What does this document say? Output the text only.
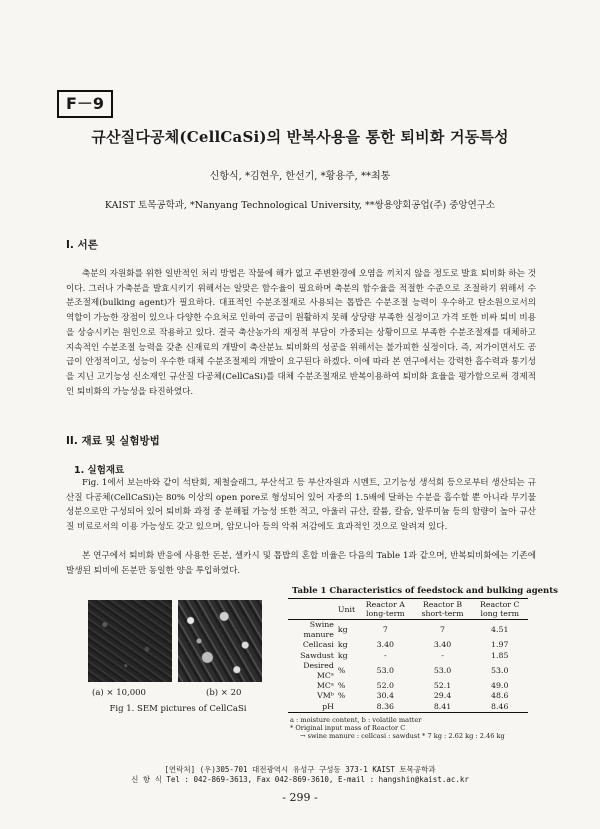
F－9
규산질다공체(CellCaSi)의 반복사용을 통한 퇴비화 거동특성
신항식, *김현우, 한선기, *황용주, **최통
KAIST 토목공학과, *Nanyang Technological University, **쌍용양회공업(주) 중앙연구소
I. 서론
축분의 자원화를 위한 일반적인 처리 방법은 작물에 해가 없고 주변환경에 오염을 끼치지 않을 정도로 발효 퇴비화 하는 것이다. 그러나 가축분을 발효시키기 위해서는 알맞은 함수율이 필요하며 축분의 함수율을 적절한 수준으로 조절하기 위해서 수분조절제(bulking agent)가 필요하다. 대표적인 수분조절재로 사용되는 톱밥은 수분조절 능력이 우수하고 탄소원으로서의 역할이 가능한 장점이 있으나 다양한 수요처로 인하여 공급이 원활하지 못해 상당량 부족한 실정이고 가격 또한 비싸 퇴비 비용을 상승시키는 원인으로 작용하고 있다. 결국 축산농가의 재정적 부담이 가중되는 상황이므로 부족한 수분조절재를 대체하고 지속적인 수분조절 능력을 갖춘 신재료의 개발이 축산분뇨 퇴비화의 성공을 위해서는 불가피한 실정이다. 즉, 저가이면서도 공급이 안정적이고, 성능이 우수한 대체 수분조절제의 개발이 요구된다 하겠다. 이에 따라 본 연구에서는 강력한 흡수력과 통기성을 지닌 고기능성 신소재인 규산질 다공체(CellCaSi)를 대체 수분조절재로 반복이용하여 퇴비화 효율을 평가함으로써 경제적인 퇴비화의 가능성을 타진하였다.
II. 재료 및 실험방법
1. 실험재료
Fig. 1에서 보는바와 같이 석탄회, 제철슬래그, 부산석고 등 부산자원과 시멘트, 고기능성 생석회 등으로부터 생산되는 규산질 다공체(CellCaSi)는 80% 이상의 open pore로 형성되어 있어 자중의 1.5배에 달하는 수분을 흡수할 뿐 아니라 무기물 성분으로만 구성되어 있어 퇴비화 과정 중 분해될 가능성 또한 적고, 아울러 규산, 칼륨, 칼슘, 알루미늄 등의 함량이 높아 규산질 비료로서의 이용 가능성도 갖고 있으며, 암모니아 등의 악취 저감에도 효과적인 것으로 알려져 있다.
본 연구에서 퇴비화 반응에 사용한 돈분, 셀카시 및 톱밥의 혼합 비율은 다음의 Table 1과 같으며, 반복퇴비화에는 기존에 발생된 퇴비에 돈분만 동일한 양을 투입하였다.
(a) × 10,000	(b) × 20
Fig 1. SEM pictures of CellCaSi
Table 1 Characteristics of feedstock and bulking agents
	Unit	Reactor A long-term	Reactor B short-term	Reactor C long term
Swine manure	kg	7	7	4.51
Cellcasi	kg	3.40	3.40	1.97
Sawdust	kg	-	-	1.85
Desired MCᵃ	%	53.0	53.0	53.0
MCᵃ	%	52.0	52.1	49.0
VMᵇ	%	30.4	29.4	48.6
pH		8.36	8.41	8.46
a : moisture content, b : volatile matter
* Original input mass of Reactor C
→ swine manure : cellcasi : sawdust * 7 kg : 2.62 kg : 2.46 kg
[연락처] (우)305-701 대전광역시 유성구 구성동 373-1 KAIST 토목공학과
신 항 식 Tel : 042-869-3613, Fax 042-869-3610, E-mail : hangshin@kaist.ac.kr
- 299 -
